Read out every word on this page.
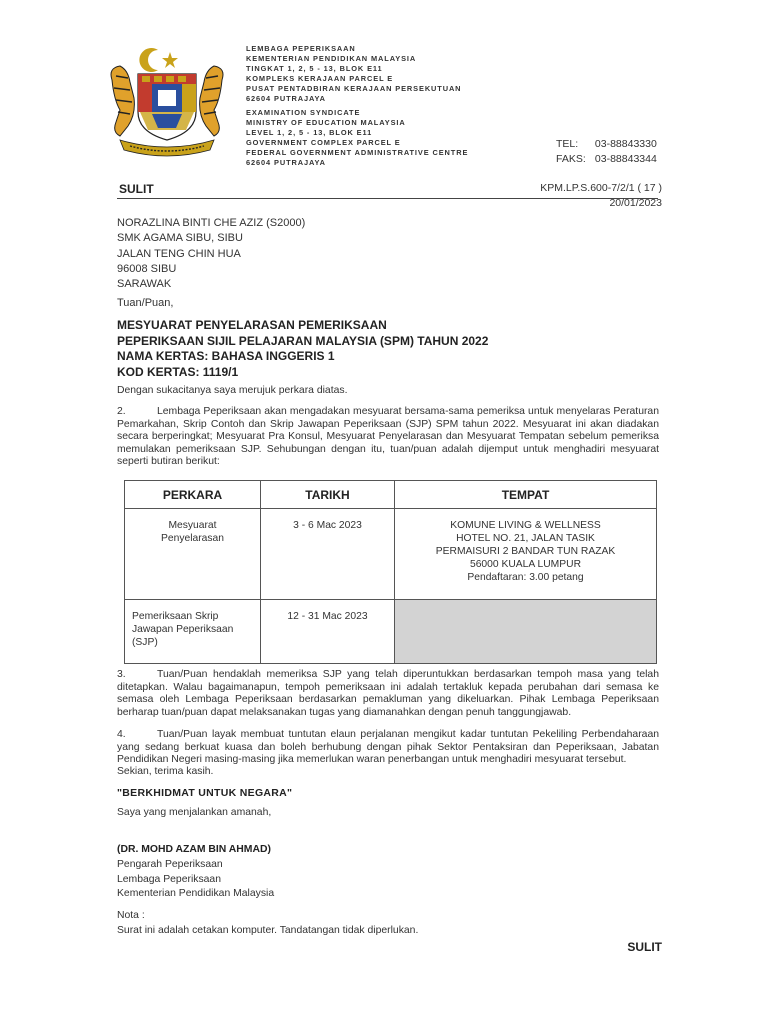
LEMBAGA PEPERIKSAAN
KEMENTERIAN PENDIDIKAN MALAYSIA
TINGKAT 1, 2, 5 - 13, BLOK E11
KOMPLEKS KERAJAAN PARCEL E
PUSAT PENTADBIRAN KERAJAAN PERSEKUTUAN
62604 PUTRAJAYA
EXAMINATION SYNDICATE
MINISTRY OF EDUCATION MALAYSIA
LEVEL 1, 2, 5 - 13, BLOK E11
GOVERNMENT COMPLEX PARCEL E
FEDERAL GOVERNMENT ADMINISTRATIVE CENTRE
62604 PUTRAJAYA
TEL: 03-88843330
FAKS: 03-88843344
SULIT	KPM.LP.S.600-7/2/1 ( 17 )
20/01/2023
NORAZLINA BINTI CHE AZIZ (S2000)
SMK AGAMA SIBU, SIBU
JALAN TENG CHIN HUA
96008 SIBU
SARAWAK
Tuan/Puan,
MESYUARAT PENYELARASAN PEMERIKSAAN
PEPERIKSAAN SIJIL PELAJARAN MALAYSIA (SPM) TAHUN 2022
NAMA KERTAS: BAHASA INGGERIS 1
KOD KERTAS: 1119/1
Dengan sukacitanya saya merujuk perkara diatas.
2.	Lembaga Peperiksaan akan mengadakan mesyuarat bersama-sama pemeriksa untuk menyelaras Peraturan Pemarkahan, Skrip Contoh dan Skrip Jawapan Peperiksaan (SJP) SPM tahun 2022. Mesyuarat ini akan diadakan secara berperingkat; Mesyuarat Pra Konsul, Mesyuarat Penyelarasan dan Mesyuarat Tempatan sebelum pemeriksa memulakan pemeriksaan SJP. Sehubungan dengan itu, tuan/puan adalah dijemput untuk menghadiri mesyuarat seperti butiran berikut:
PERKARA	TARIKH	TEMPAT

Mesyuarat Penyelarasan	3 - 6 Mac 2023	KOMUNE LIVING & WELLNESS
HOTEL NO. 21, JALAN TASIK
PERMAISURI 2 BANDAR TUN RAZAK
56000 KUALA LUMPUR
Pendaftaran: 3.00 petang

Pemeriksaan Skrip Jawapan Peperiksaan (SJP)	12 - 31 Mac 2023	
3.	Tuan/Puan hendaklah memeriksa SJP yang telah diperuntukkan berdasarkan tempoh masa yang telah ditetapkan. Walau bagaimanapun, tempoh pemeriksaan ini adalah tertakluk kepada perubahan dari semasa ke semasa oleh Lembaga Peperiksaan berdasarkan pemakluman yang dikeluarkan. Pihak Lembaga Peperiksaan berharap tuan/puan dapat melaksanakan tugas yang diamanahkan dengan penuh tanggungjawab.
4.	Tuan/Puan layak membuat tuntutan elaun perjalanan mengikut kadar tuntutan Pekeliling Perbendaharaan yang sedang berkuat kuasa dan boleh berhubung dengan pihak Sektor Pentaksiran dan Peperiksaan, Jabatan Pendidikan Negeri masing-masing jika memerlukan waran penerbangan untuk menghadiri mesyuarat tersebut.
Sekian, terima kasih.
"BERKHIDMAT UNTUK NEGARA"
Saya yang menjalankan amanah,
(DR. MOHD AZAM BIN AHMAD)
Pengarah Peperiksaan
Lembaga Peperiksaan
Kementerian Pendidikan Malaysia
Nota :
Surat ini adalah cetakan komputer. Tandatangan tidak diperlukan.
SULIT
